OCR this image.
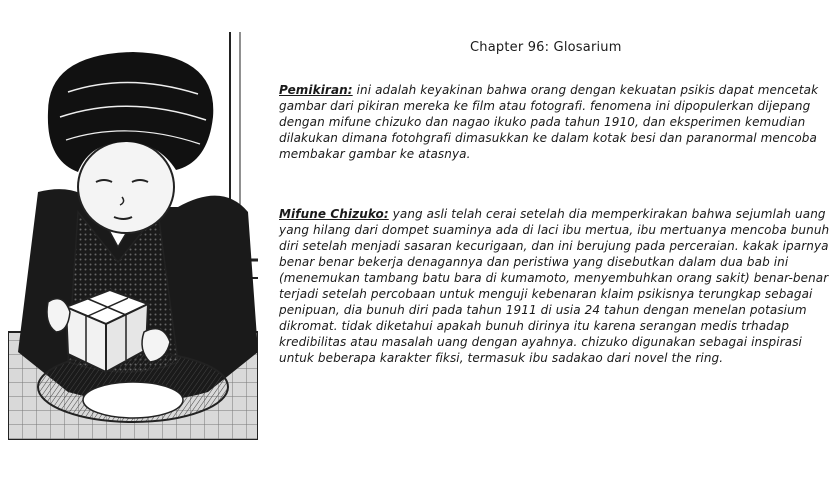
Chapter 96: Glosarium
Pemikiran: ini adalah keyakinan bahwa orang dengan kekuatan psikis dapat mencetak gambar dari pikiran mereka ke film atau fotografi. fenomena ini dipopulerkan dijepang dengan mifune chizuko dan nagao ikuko pada tahun 1910, dan eksperimen kemudian dilakukan dimana fotohgrafi dimasukkan ke dalam kotak besi dan paranormal mencoba membakar gambar ke atasnya.
Mifune Chizuko: yang asli telah cerai setelah dia memperkirakan bahwa sejumlah uang yang hilang dari dompet suaminya ada di laci ibu mertua, ibu mertuanya mencoba bunuh diri setelah menjadi sasaran kecurigaan, dan ini berujung pada perceraian. kakak iparnya benar benar bekerja denagannya dan peristiwa yang disebutkan dalam dua bab ini (menemukan tambang batu bara di kumamoto, menyembuhkan orang sakit) benar-benar terjadi setelah percobaan untuk menguji kebenaran klaim psikisnya terungkap sebagai penipuan, dia bunuh diri pada tahun 1911 di usia 24 tahun dengan menelan potasium dikromat. tidak diketahui apakah bunuh dirinya itu karena serangan medis trhadap kredibilitas atau masalah uang dengan ayahnya. chizuko digunakan sebagai inspirasi untuk beberapa karakter fiksi, termasuk ibu sadakao dari novel the ring.
